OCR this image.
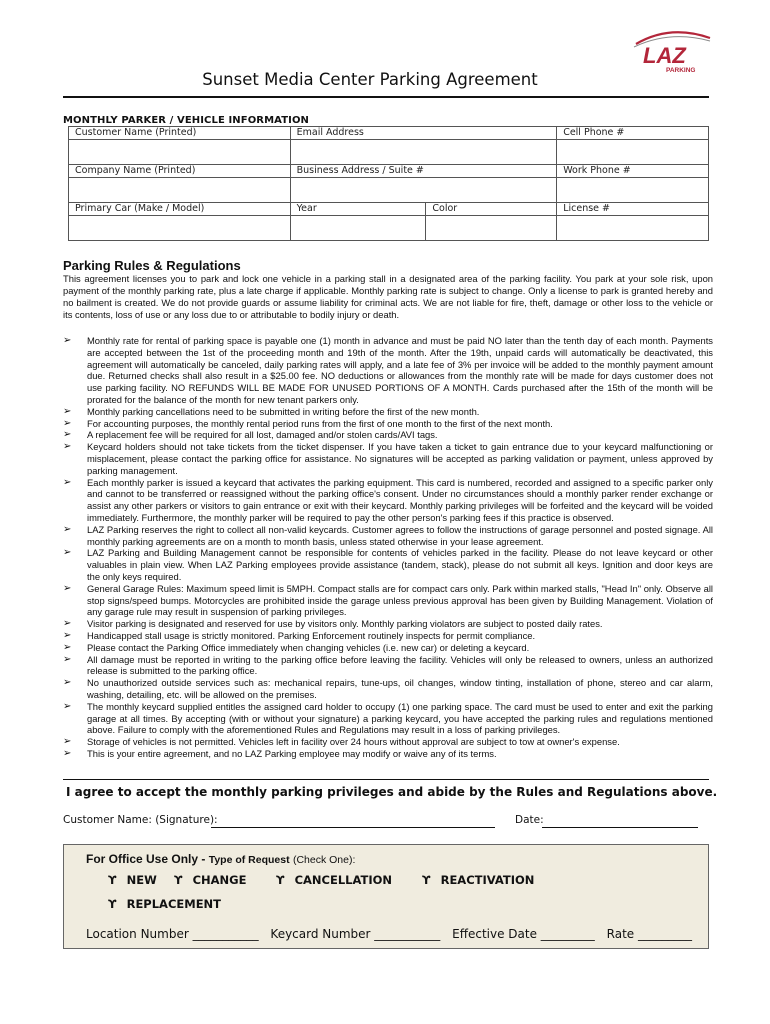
LAZ
PARKING
Sunset Media Center Parking Agreement
MONTHLY PARKER / VEHICLE INFORMATION
Customer Name (Printed)	Email Address		Cell Phone #

Company Name (Printed)	Business Address / Suite #		Work Phone #

Primary Car (Make / Model)	Year	Color	License #

Parking Rules & Regulations
This agreement licenses you to park and lock one vehicle in a parking stall in a designated area of the parking facility. You park at your sole risk, upon payment of the monthly parking rate, plus a late charge if applicable. Monthly parking rate is subject to change. Only a license to park is granted hereby and no bailment is created. We do not provide guards or assume liability for criminal acts. We are not liable for fire, theft, damage or other loss to the vehicle or its contents, loss of use or any loss due to or attributable to bodily injury or death.
➢ Monthly rate for rental of parking space is payable one (1) month in advance and must be paid NO later than the tenth day of each month. Payments are accepted between the 1st of the proceeding month and 19th of the month. After the 19th, unpaid cards will automatically be deactivated, this agreement will automatically be canceled, daily parking rates will apply, and a late fee of 3% per invoice will be added to the monthly payment amount due. Returned checks shall also result in a $25.00 fee. NO deductions or allowances from the monthly rate will be made for days customer does not use parking facility. NO REFUNDS WILL BE MADE FOR UNUSED PORTIONS OF A MONTH. Cards purchased after the 15th of the month will be prorated for the balance of the month for new tenant parkers only.
➢ Monthly parking cancellations need to be submitted in writing before the first of the new month.
➢ For accounting purposes, the monthly rental period runs from the first of one month to the first of the next month.
➢ A replacement fee will be required for all lost, damaged and/or stolen cards/AVI tags.
➢ Keycard holders should not take tickets from the ticket dispenser. If you have taken a ticket to gain entrance due to your keycard malfunctioning or misplacement, please contact the parking office for assistance. No signatures will be accepted as parking validation or payment, unless approved by parking management.
➢ Each monthly parker is issued a keycard that activates the parking equipment. This card is numbered, recorded and assigned to a specific parker only and cannot to be transferred or reassigned without the parking office's consent. Under no circumstances should a monthly parker render exchange or assist any other parkers or visitors to gain entrance or exit with their keycard. Monthly parking privileges will be forfeited and the keycard will be voided immediately. Furthermore, the monthly parker will be required to pay the other person's parking fees if this practice is observed.
➢ LAZ Parking reserves the right to collect all non-valid keycards. Customer agrees to follow the instructions of garage personnel and posted signage. All monthly parking agreements are on a month to month basis, unless stated otherwise in your lease agreement.
➢ LAZ Parking and Building Management cannot be responsible for contents of vehicles parked in the facility. Please do not leave keycard or other valuables in plain view. When LAZ Parking employees provide assistance (tandem, stack), please do not submit all keys. Ignition and door keys are the only keys required.
➢ General Garage Rules: Maximum speed limit is 5MPH. Compact stalls are for compact cars only. Park within marked stalls, "Head In" only. Observe all stop signs/speed bumps. Motorcycles are prohibited inside the garage unless previous approval has been given by Building Management. Violation of any garage rule may result in suspension of parking privileges.
➢ Visitor parking is designated and reserved for use by visitors only. Monthly parking violators are subject to posted daily rates.
➢ Handicapped stall usage is strictly monitored. Parking Enforcement routinely inspects for permit compliance.
➢ Please contact the Parking Office immediately when changing vehicles (i.e. new car) or deleting a keycard.
➢ All damage must be reported in writing to the parking office before leaving the facility. Vehicles will only be released to owners, unless an authorized release is submitted to the parking office.
➢ No unauthorized outside services such as: mechanical repairs, tune-ups, oil changes, window tinting, installation of phone, stereo and car alarm, washing, detailing, etc. will be allowed on the premises.
➢ The monthly keycard supplied entitles the assigned card holder to occupy (1) one parking space. The card must be used to enter and exit the parking garage at all times. By accepting (with or without your signature) a parking keycard, you have accepted the parking rules and regulations mentioned above. Failure to comply with the aforementioned Rules and Regulations may result in a loss of parking privileges.
➢ Storage of vehicles is not permitted. Vehicles left in facility over 24 hours without approval are subject to tow at owner's expense.
➢ This is your entire agreement, and no LAZ Parking employee may modify or waive any of its terms.
I agree to accept the monthly parking privileges and abide by the Rules and Regulations above.
Customer Name: (Signature):	Date:
For Office Use Only - Type of Request (Check One):
ϒ NEW ϒ CHANGE	ϒ CANCELLATION	ϒ REACTIVATION
ϒ REPLACEMENT
Location Number ___________ Keycard Number ___________ Effective Date _________ Rate _________
